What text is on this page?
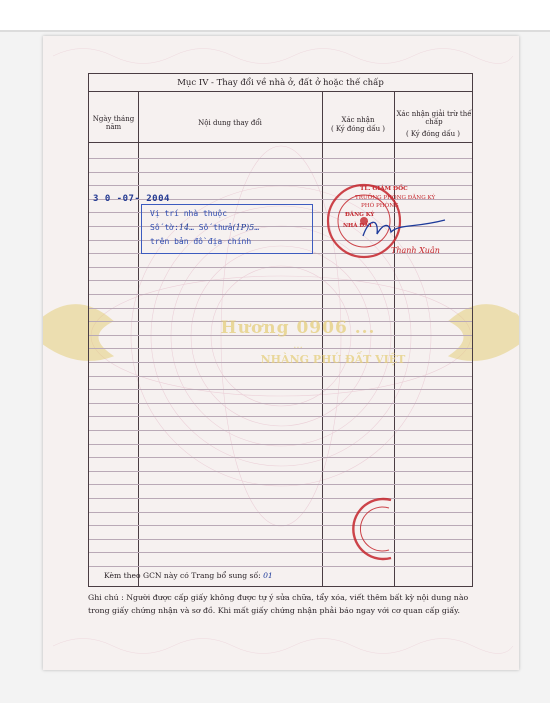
Mục IV - Thay đổi về nhà ở, đất ở hoặc thế chấp
Ngày tháng năm	Nội dung thay đổi	Xác nhận
( Ký đóng dấu )
Xác nhận giải trừ thế chấp
( Ký đóng dấu )
3 0 -07- 2004
Vị trí nhà thuộc
Số tờ:14… Số thửa(1P)5…
trên bản đồ địa chính
NHÀ ĐẤT
ĐĂNG KÝ
TL. GIÁM ĐỐC
TRƯỞNG PHÒNG ĐĂNG KÝ
PHÓ PHÒNG
Thanh Xuân
Kèm theo GCN này có Trang bổ sung số: 01
Hương 0906 ...
...
NHÀNG PHÚ ĐẤT VIỆT
Ghi chú : Người được cấp giấy không được tự ý sửa chữa, tẩy xóa, viết thêm bất kỳ nội dung nào trong giấy chứng nhận và sơ đồ. Khi mất giấy chứng nhận phải báo ngay với cơ quan cấp giấy.
